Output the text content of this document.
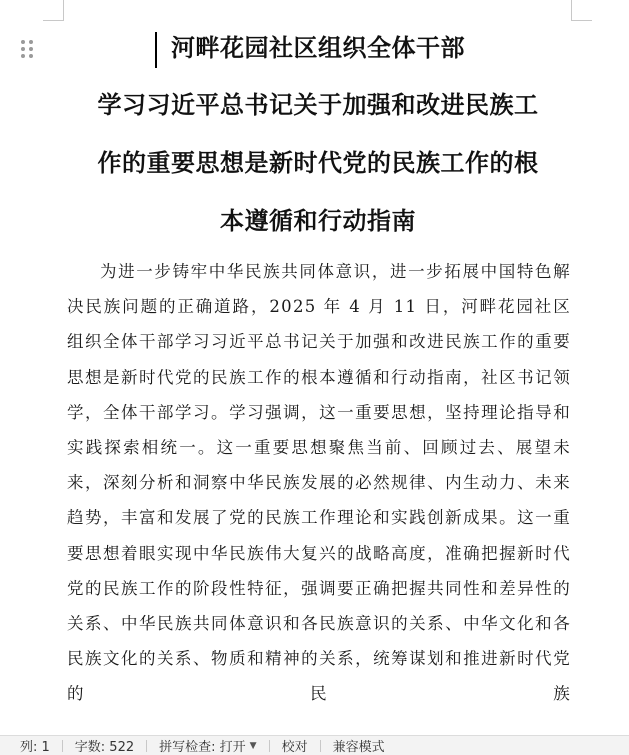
河畔花园社区组织全体干部
学习习近平总书记关于加强和改进民族工
作的重要思想是新时代党的民族工作的根
本遵循和行动指南

为进一步铸牢中华民族共同体意识，进一步拓展中国特色解决民族问题的正确道路，2025 年 4 月 11 日，河畔花园社区组织全体干部学习习近平总书记关于加强和改进民族工作的重要思想是新时代党的民族工作的根本遵循和行动指南，社区书记领学，全体干部学习。学习强调，这一重要思想，坚持理论指导和实践探索相统一。这一重要思想聚焦当前、回顾过去、展望未来，深刻分析和洞察中华民族发展的必然规律、内生动力、未来趋势，丰富和发展了党的民族工作理论和实践创新成果。这一重要思想着眼实现中华民族伟大复兴的战略高度，准确把握新时代党的民族工作的阶段性特征，强调要正确把握共同性和差异性的关系、中华民族共同体意识和各民族意识的关系、中华文化和各民族文化的关系、物质和精神的关系，统筹谋划和推进新时代党的民族

列: 1 字数: 522 拼写检查: 打开 ▼ 校对 兼容模式
